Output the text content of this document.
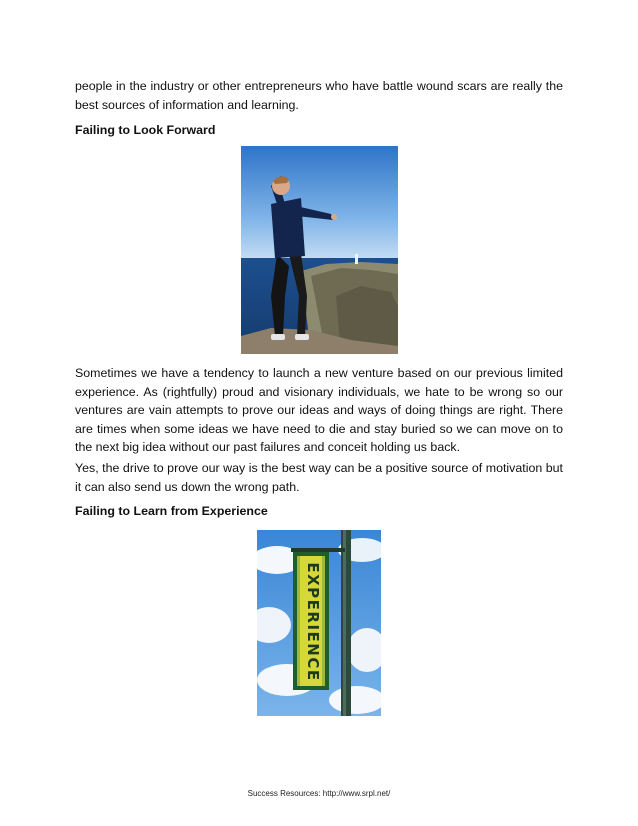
people in the industry or other entrepreneurs who have battle wound scars are really the best sources of information and learning.

Failing to Look Forward

Sometimes we have a tendency to launch a new venture based on our previous limited experience. As (rightfully) proud and visionary individuals, we hate to be wrong so our ventures are vain attempts to prove our ideas and ways of doing things are right. There are times when some ideas we have need to die and stay buried so we can move on to the next big idea without our past failures and conceit holding us back.

Yes, the drive to prove our way is the best way can be a positive source of motivation but it can also send us down the wrong path.

Failing to Learn from Experience

Success Resources: http://www.srpl.net/
EXPERIENCE
